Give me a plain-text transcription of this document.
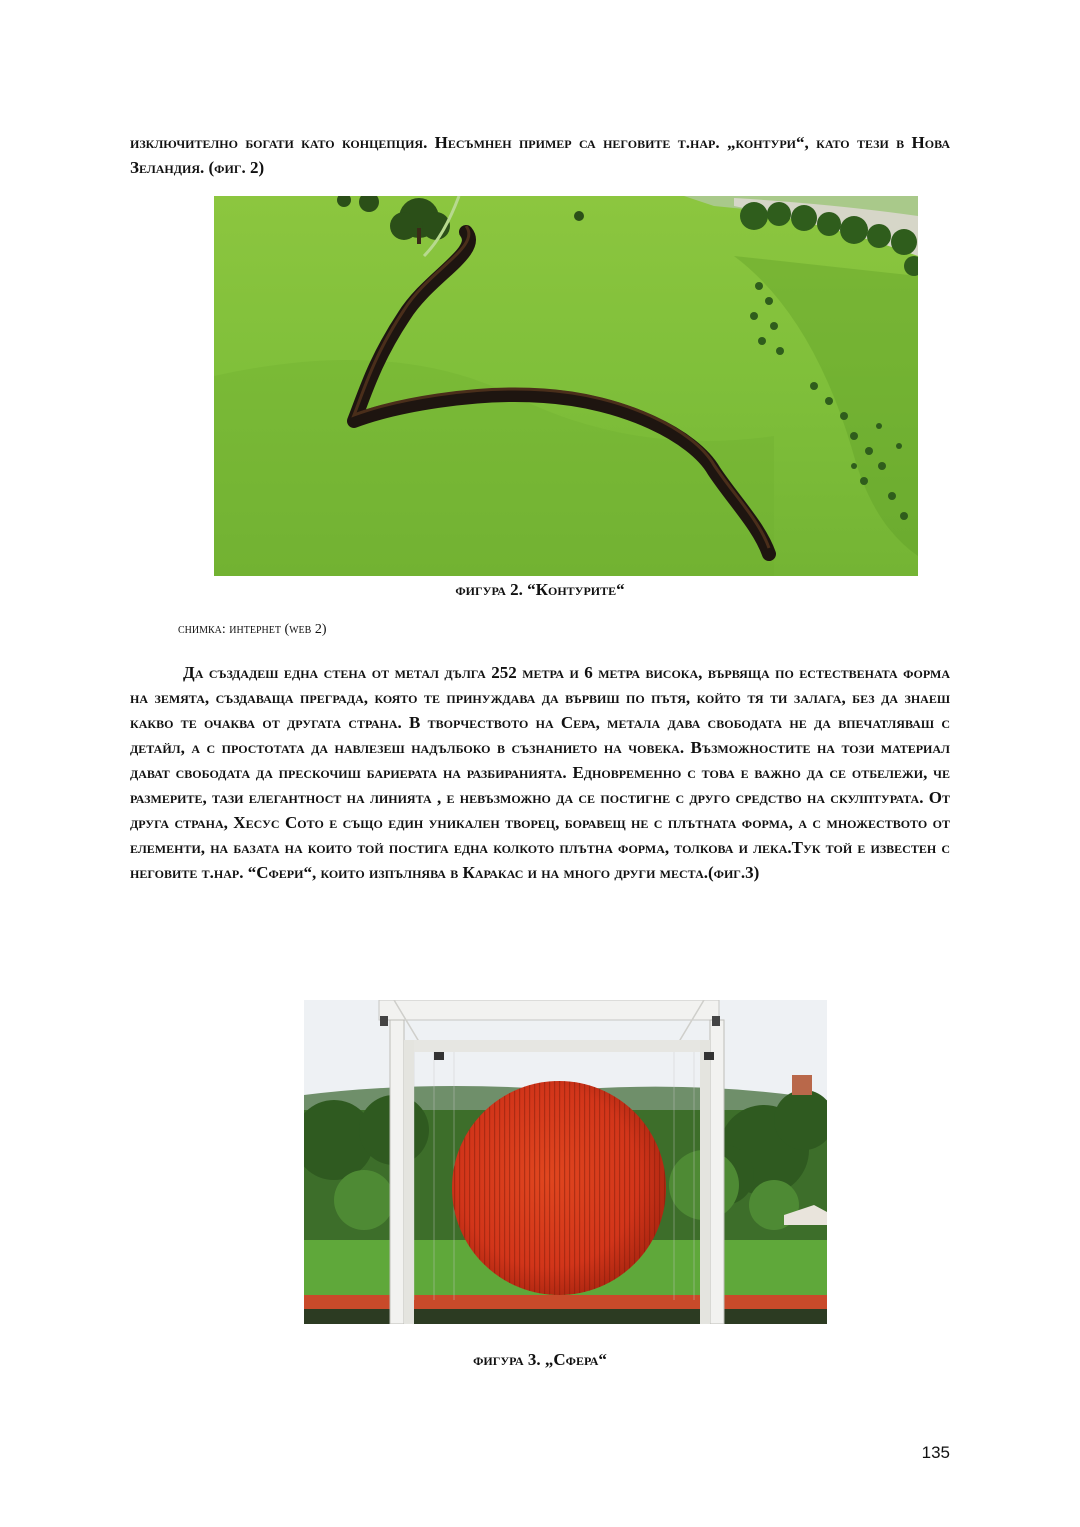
изключително богати като концепция. Несъмнен пример са неговите т.нар. „контури“, като тези в Нова Зеландия. (фиг. 2)

фигура 2. “Контурите“

снимка: интернет (web 2)

Да създадеш една стена от метал дълга 252 метра и 6 метра висока, вървяща по естествената форма на земята, създаваща преграда, която те принуждава да вървиш по пътя, който тя ти залага, без да знаеш какво те очаква от другата страна. В творчеството на Сера, метала дава свободата не да впечатляваш с детайл, а с простотата да навлезеш надълбоко в съзнанието на човека. Възможностите на този материал дават свободата да прескочиш бариерата на разбиранията. Едновременно с това е важно да се отбележи, че размерите, тази елегантност на линията , е невъзможно да се постигне с друго средство на скулптурата. От друга страна, Хесус Сото е също един уникален творец, боравещ не с плътната форма, а с множеството от елементи, на базата на които той постига една колкото плътна форма, толкова и лека.Тук той е известен с неговите т.нар. “Сфери“, които изпълнява в Каракас и на много други места.(фиг.3)

фигура 3. „Сфера“

135
